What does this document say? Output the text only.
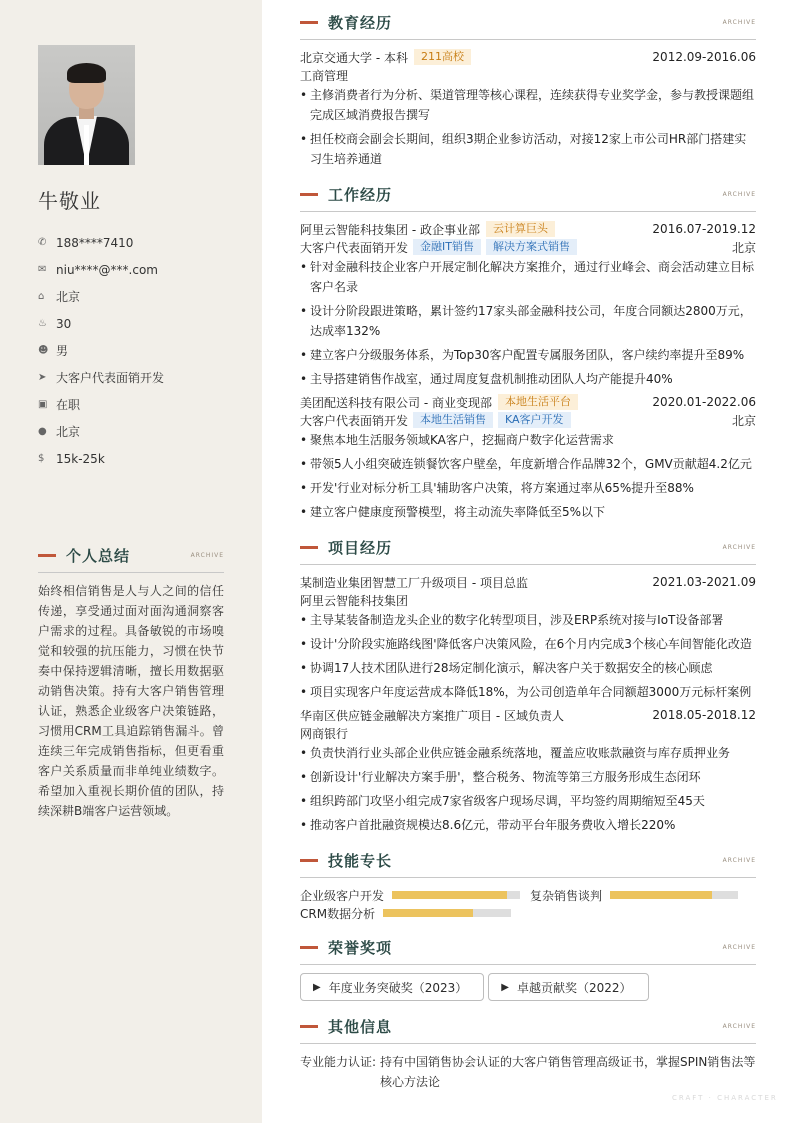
牛敬业
✆ 188****7410
✉ niu****@***.com
⌂ 北京
♨ 30
☻ 男
➤ 大客户代表面销开发
▣ 在职
● 北京
$ 15k-25k
个人总结	ARCHIVE
始终相信销售是人与人之间的信任传递，享受通过面对面沟通洞察客户需求的过程。具备敏锐的市场嗅觉和较强的抗压能力，习惯在快节奏中保持逻辑清晰，擅长用数据驱动销售决策。持有大客户销售管理认证，熟悉企业级客户决策链路，习惯用CRM工具追踪销售漏斗。曾连续三年完成销售指标，但更看重客户关系质量而非单纯业绩数字。希望加入重视长期价值的团队，持续深耕B端客户运营领域。
教育经历	ARCHIVE
北京交通大学 - 本科	211高校	2012.09-2016.06
工商管理
• 主修消费者行为分析、渠道管理等核心课程，连续获得专业奖学金，参与教授课题组完成区域消费报告撰写
• 担任校商会副会长期间，组织3期企业参访活动，对接12家上市公司HR部门搭建实习生培养通道
工作经历	ARCHIVE
阿里云智能科技集团 - 政企事业部	云计算巨头	2016.07-2019.12
大客户代表面销开发	金融IT销售	解决方案式销售	北京
• 针对金融科技企业客户开展定制化解决方案推介，通过行业峰会、商会活动建立目标客户名录
• 设计分阶段跟进策略，累计签约17家头部金融科技公司，年度合同额达2800万元，达成率132%
• 建立客户分级服务体系，为Top30客户配置专属服务团队，客户续约率提升至89%
• 主导搭建销售作战室，通过周度复盘机制推动团队人均产能提升40%
美团配送科技有限公司 - 商业变现部	本地生活平台	2020.01-2022.06
大客户代表面销开发	本地生活销售	KA客户开发	北京
• 聚焦本地生活服务领域KA客户，挖掘商户数字化运营需求
• 带领5人小组突破连锁餐饮客户壁垒，年度新增合作品牌32个，GMV贡献超4.2亿元
• 开发'行业对标分析工具'辅助客户决策，将方案通过率从65%提升至88%
• 建立客户健康度预警模型，将主动流失率降低至5%以下
项目经历	ARCHIVE
某制造业集团智慧工厂升级项目 - 项目总监	2021.03-2021.09
阿里云智能科技集团
• 主导某装备制造龙头企业的数字化转型项目，涉及ERP系统对接与IoT设备部署
• 设计'分阶段实施路线图'降低客户决策风险，在6个月内完成3个核心车间智能化改造
• 协调17人技术团队进行28场定制化演示，解决客户关于数据安全的核心顾虑
• 项目实现客户年度运营成本降低18%，为公司创造单年合同额超3000万元标杆案例
华南区供应链金融解决方案推广项目 - 区域负责人	2018.05-2018.12
网商银行
• 负责快消行业头部企业供应链金融系统落地，覆盖应收账款融资与库存质押业务
• 创新设计'行业解决方案手册'，整合税务、物流等第三方服务形成生态闭环
• 组织跨部门攻坚小组完成7家省级客户现场尽调，平均签约周期缩短至45天
• 推动客户首批融资规模达8.6亿元，带动平台年服务费收入增长220%
技能专长	ARCHIVE
企业级客户开发	复杂销售谈判
CRM数据分析
荣誉奖项	ARCHIVE
▶ 年度业务突破奖（2023）	▶ 卓越贡献奖（2022）
其他信息	ARCHIVE
专业能力认证: 持有中国销售协会认证的大客户销售管理高级证书，掌握SPIN销售法等核心方法论
CRAFT · CHARACTER
